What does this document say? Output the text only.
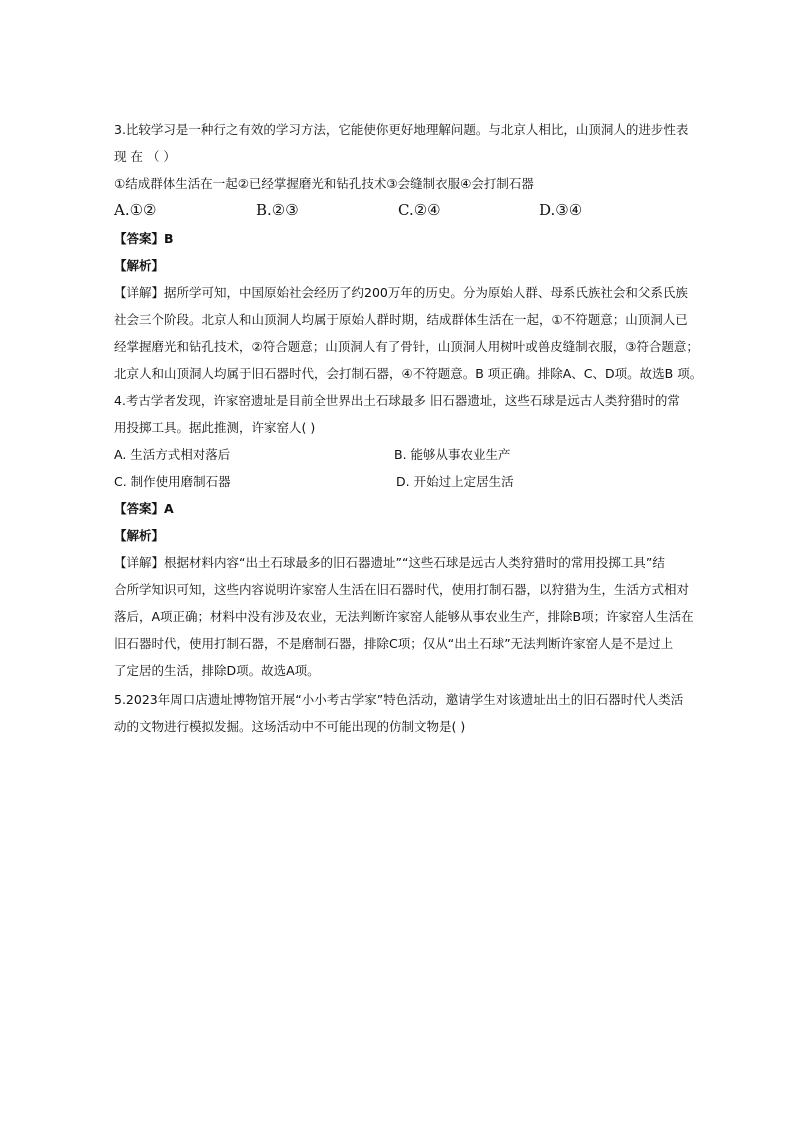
3.比较学习是一种行之有效的学习方法，它能使你更好地理解问题。与北京人相比，山顶洞人的进步性表
现 在 （ ）
①结成群体生活在一起②已经掌握磨光和钻孔技术③会缝制衣服④会打制石器
A.①②	B.②③	C.②④	D.③④
【答案】B
【解析】
【详解】据所学可知，中国原始社会经历了约200万年的历史。分为原始人群、母系氏族社会和父系氏族
社会三个阶段。北京人和山顶洞人均属于原始人群时期，结成群体生活在一起，①不符题意；山顶洞人已
经掌握磨光和钻孔技术，②符合题意；山顶洞人有了骨针，山顶洞人用树叶或兽皮缝制衣服，③符合题意；
北京人和山顶洞人均属于旧石器时代，会打制石器，④不符题意。B 项正确。排除A、C、D项。故选B 项。
4.考古学者发现，许家窑遗址是目前全世界出土石球最多 旧石器遗址，这些石球是远古人类狩猎时的常
用投掷工具。据此推测，许家窑人( )
A. 生活方式相对落后	B. 能够从事农业生产
C. 制作使用磨制石器	D. 开始过上定居生活
【答案】A
【解析】
【详解】根据材料内容“出土石球最多的旧石器遗址”“这些石球是远古人类狩猎时的常用投掷工具”结
合所学知识可知，这些内容说明许家窑人生活在旧石器时代，使用打制石器，以狩猎为生，生活方式相对
落后，A项正确；材料中没有涉及农业，无法判断许家窑人能够从事农业生产，排除B项；许家窑人生活在
旧石器时代，使用打制石器，不是磨制石器，排除C项；仅从“出土石球”无法判断许家窑人是不是过上
了定居的生活，排除D项。故选A项。
5.2023年周口店遗址博物馆开展“小小考古学家”特色活动，邀请学生对该遗址出土的旧石器时代人类活
动的文物进行模拟发掘。这场活动中不可能出现的仿制文物是( )
